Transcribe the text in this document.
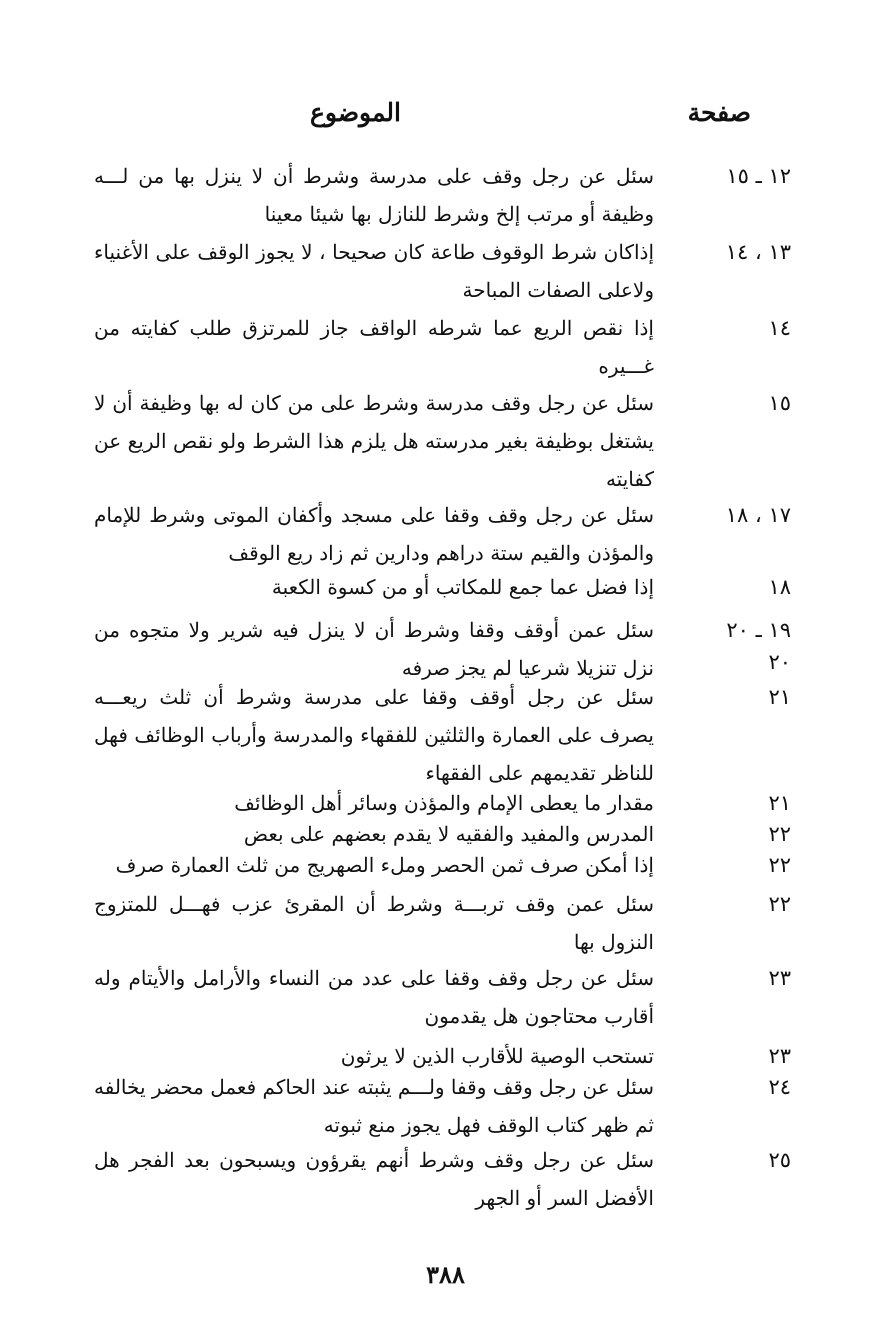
صفحة
الموضوع
١٢ ـ ١٥
سئل عن رجل وقف على مدرسة وشرط أن لا ينزل بها من لـــه وظيفة أو مرتب إلخ وشرط للنازل بها شيئا معينا
١٣ ، ١٤
إذاكان شرط الوقوف طاعة كان صحيحا ، لا يجوز الوقف على الأغنياء ولاعلى الصفات المباحة
١٤
إذا نقص الريع عما شرطه الواقف جاز للمرتزق طلب كفايته من غـــيره
١٥
سئل عن رجل وقف مدرسة وشرط على من كان له بها وظيفة أن لا يشتغل بوظيفة بغير مدرسته هل يلزم هذا الشرط ولو نقص الريع عن كفايته
١٧ ، ١٨
سئل عن رجل وقف وقفا على مسجد وأكفان الموتى وشرط للإمام والمؤذن والقيم ستة دراهم ودارين ثم زاد ريع الوقف
١٨
إذا فضل عما جمع للمكاتب أو من كسوة الكعبة
١٩ ـ ٢٠
٢٠
سئل عمن أوقف وقفا وشرط أن لا ينزل فيه شرير ولا متجوه من نزل تنزيلا شرعيا لم يجز صرفه
٢١
سئل عن رجل أوقف وقفا على مدرسة وشرط أن ثلث ريعـــه يصرف على العمارة والثلثين للفقهاء والمدرسة وأرباب الوظائف فهل للناظر تقديمهم على الفقهاء
٢١
مقدار ما يعطى الإمام والمؤذن وسائر أهل الوظائف
٢٢
المدرس والمفيد والفقيه لا يقدم بعضهم على بعض
٢٢
إذا أمكن صرف ثمن الحصر وملء الصهريج من ثلث العمارة صرف
٢٢
سئل عمن وقف تربـــة وشرط أن المقرئ عزب فهـــل للمتزوج النزول بها
٢٣
سئل عن رجل وقف وقفا على عدد من النساء والأرامل والأيتام وله أقارب محتاجون هل يقدمون
٢٣
تستحب الوصية للأقارب الذين لا يرثون
٢٤
سئل عن رجل وقف وقفا ولـــم يثبته عند الحاكم فعمل محضر يخالفه ثم ظهر كتاب الوقف فهل يجوز منع ثبوته
٢٥
سئل عن رجل وقف وشرط أنهم يقرؤون ويسبحون بعد الفجر هل الأفضل السر أو الجهر
٣٨٨
